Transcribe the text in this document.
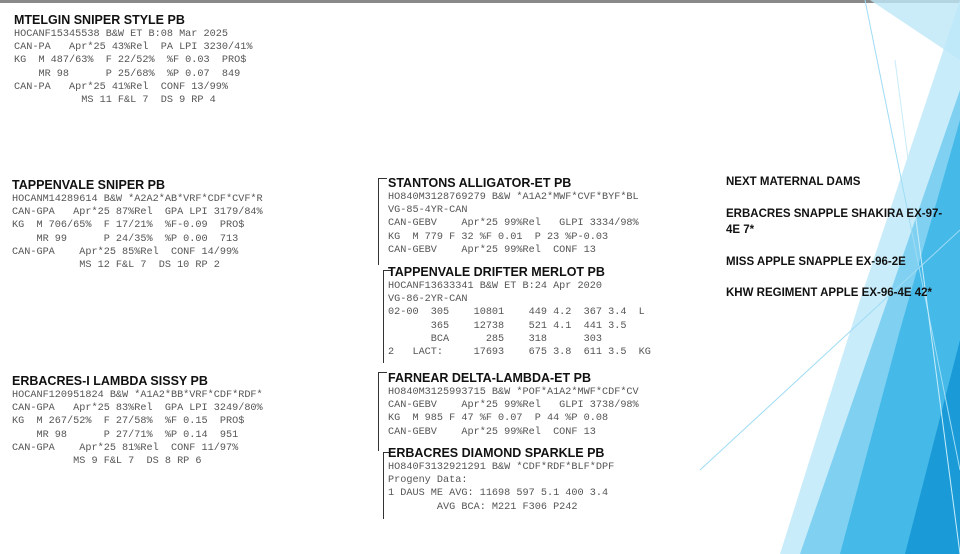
MTELGIN SNIPER STYLE PB
HOCANF15345538 B&W ET B:08 Mar 2025
CAN-PA   Apr*25 43%Rel  PA LPI 3230/41%
KG  M 487/63%  F 22/52%  %F 0.03  PRO$
MR 98      P 25/68%  %P 0.07  849
CAN-PA   Apr*25 41%Rel  CONF 13/99%
MS 11 F&L 7  DS 9 RP 4
TAPPENVALE SNIPER PB
HOCANM14289614 B&W *A2A2*AB*VRF*CDF*CVF*R
CAN-GPA   Apr*25 87%Rel  GPA LPI 3179/84%
KG  M 706/65%  F 17/21%  %F-0.09  PRO$
MR 99      P 24/35%  %P 0.00  713
CAN-GPA    Apr*25 85%Rel  CONF 14/99%
MS 12 F&L 7  DS 10 RP 2
ERBACRES-I LAMBDA SISSY PB
HOCANF120951824 B&W *A1A2*BB*VRF*CDF*RDF*
CAN-GPA   Apr*25 83%Rel  GPA LPI 3249/80%
KG  M 267/52%  F 27/58%  %F 0.15  PRO$
MR 98      P 27/71%  %P 0.14  951
CAN-GPA    Apr*25 81%Rel  CONF 11/97%
MS 9 F&L 7  DS 8 RP 6
STANTONS ALLIGATOR-ET PB
HO840M3128769279 B&W *A1A2*MWF*CVF*BYF*BL
VG-85-4YR-CAN
CAN-GEBV    Apr*25 99%Rel   GLPI 3334/98%
KG  M 779 F 32 %F 0.01  P 23 %P-0.03
CAN-GEBV    Apr*25 99%Rel  CONF 13
TAPPENVALE DRIFTER MERLOT PB
HOCANF13633341 B&W ET B:24 Apr 2020
VG-86-2YR-CAN
02-00  305    10801    449 4.2  367 3.4  L
365    12738    521 4.1  441 3.5
BCA      285    318      303
2   LACT:     17693    675 3.8  611 3.5  KG
FARNEAR DELTA-LAMBDA-ET PB
HO840M3125993715 B&W *POF*A1A2*MWF*CDF*CV
CAN-GEBV    Apr*25 99%Rel   GLPI 3738/98%
KG  M 985 F 47 %F 0.07  P 44 %P 0.08
CAN-GEBV    Apr*25 99%Rel  CONF 13
ERBACRES DIAMOND SPARKLE PB
HO840F3132921291 B&W *CDF*RDF*BLF*DPF
Progeny Data:
1 DAUS ME AVG: 11698 597 5.1 400 3.4
AVG BCA: M221 F306 P242
NEXT MATERNAL DAMS
ERBACRES SNAPPLE SHAKIRA EX-97-4E 7*
MISS APPLE SNAPPLE EX-96-2E
KHW REGIMENT APPLE EX-96-4E 42*
